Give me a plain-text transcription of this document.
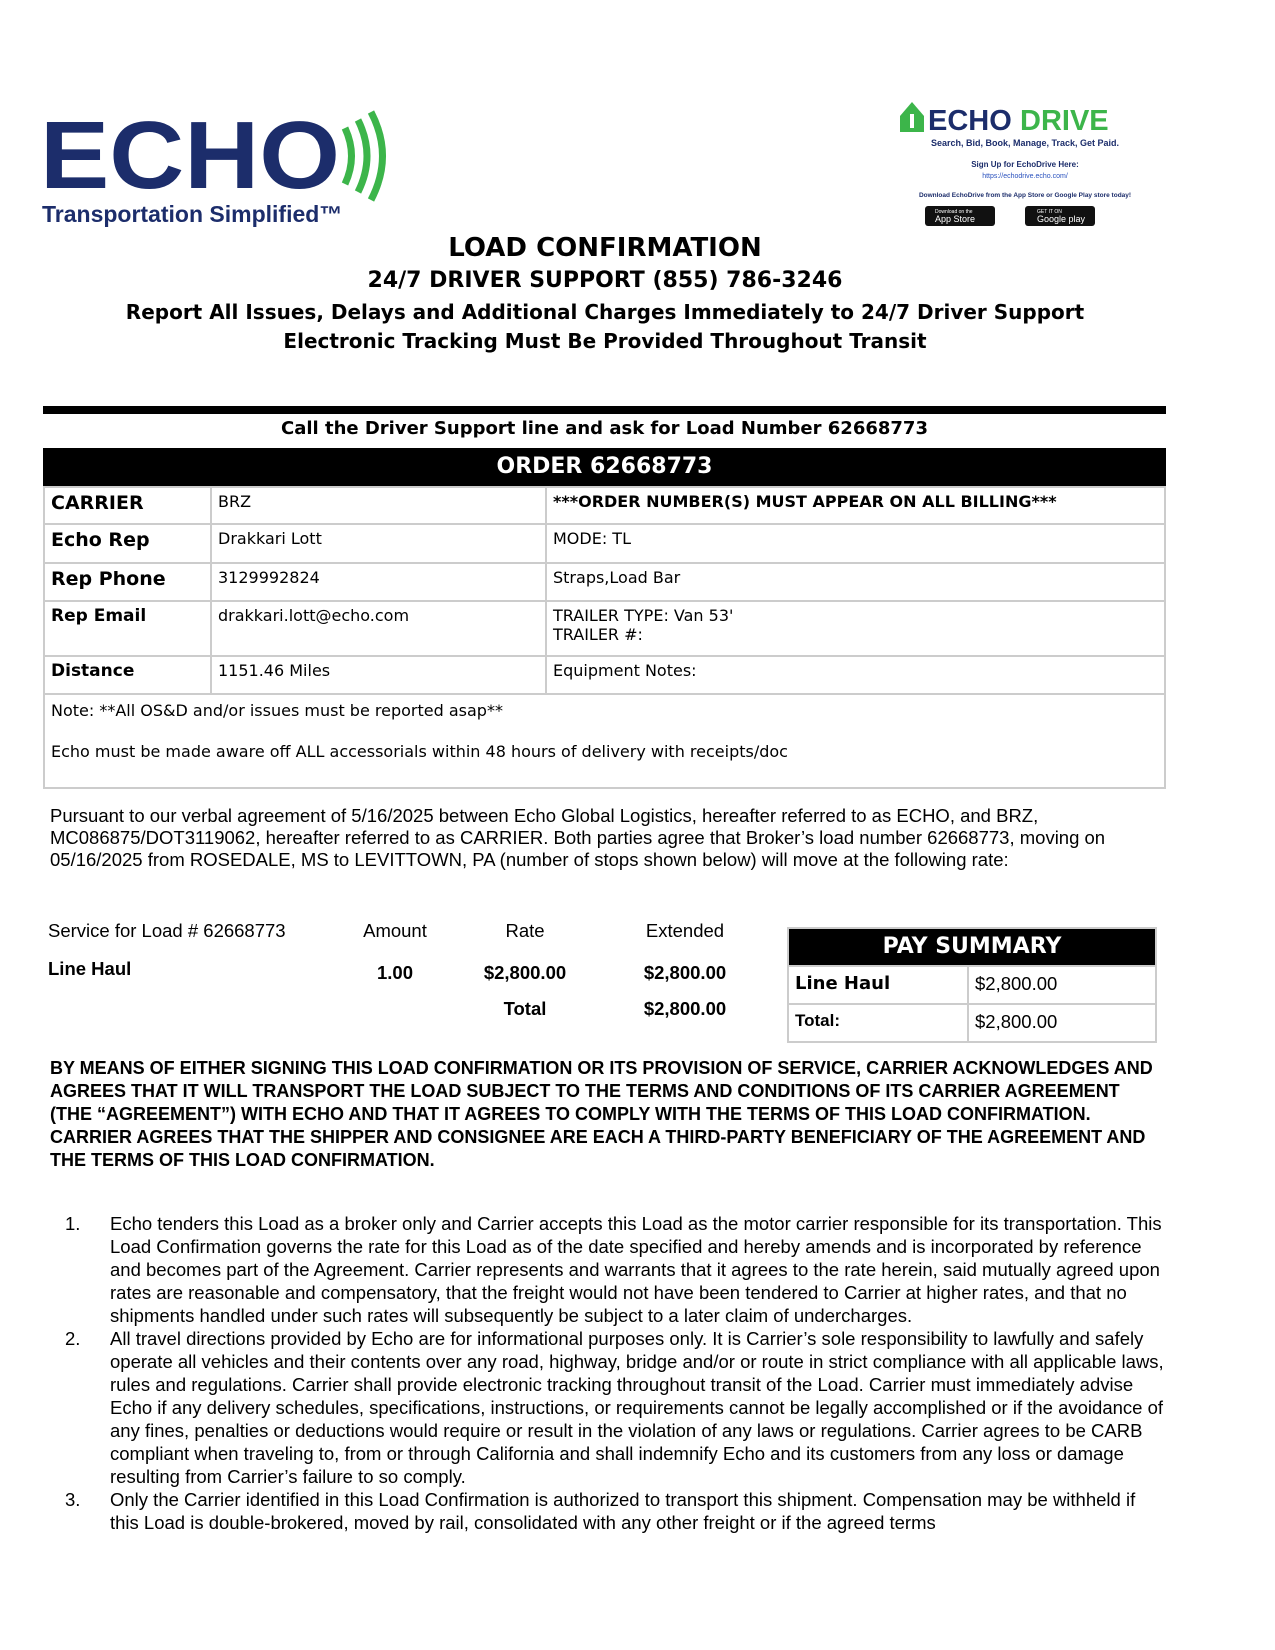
ECHO
Transportation Simplified™
ECHO DRIVE
Search, Bid, Book, Manage, Track, Get Paid.
Sign Up for EchoDrive Here:
https://echodrive.echo.com/
Download EchoDrive from the App Store or Google Play store today!
Download on the
App Store
GET IT ON
Google play
LOAD CONFIRMATION
24/7 DRIVER SUPPORT (855) 786-3246
Report All Issues, Delays and Additional Charges Immediately to 24/7 Driver Support
Electronic Tracking Must Be Provided Throughout Transit
Call the Driver Support line and ask for Load Number 62668773
ORDER 62668773
CARRIER	BRZ	***ORDER NUMBER(S) MUST APPEAR ON ALL BILLING***
Echo Rep	Drakkari Lott	MODE: TL
Rep Phone	3129992824	Straps,Load Bar
Rep Email	drakkari.lott@echo.com	TRAILER TYPE: Van 53'
TRAILER #:
Distance	1151.46 Miles	Equipment Notes:
Note: **All OS&D and/or issues must be reported asap**
Echo must be made aware off ALL accessorials within 48 hours of delivery with receipts/doc
Pursuant to our verbal agreement of 5/16/2025 between Echo Global Logistics, hereafter referred to as ECHO, and BRZ, MC086875/DOT3119062, hereafter referred to as CARRIER. Both parties agree that Broker’s load number 62668773, moving on 05/16/2025 from ROSEDALE, MS to LEVITTOWN, PA (number of stops shown below) will move at the following rate:
Service for Load # 62668773	Amount	Rate	Extended
Line Haul	1.00	$2,800.00	$2,800.00
Total	$2,800.00
PAY SUMMARY
Line Haul	$2,800.00
Total:	$2,800.00
BY MEANS OF EITHER SIGNING THIS LOAD CONFIRMATION OR ITS PROVISION OF SERVICE, CARRIER ACKNOWLEDGES AND AGREES THAT IT WILL TRANSPORT THE LOAD SUBJECT TO THE TERMS AND CONDITIONS OF ITS CARRIER AGREEMENT (THE “AGREEMENT”) WITH ECHO AND THAT IT AGREES TO COMPLY WITH THE TERMS OF THIS LOAD CONFIRMATION. CARRIER AGREES THAT THE SHIPPER AND CONSIGNEE ARE EACH A THIRD-PARTY BENEFICIARY OF THE AGREEMENT AND THE TERMS OF THIS LOAD CONFIRMATION.
1.	Echo tenders this Load as a broker only and Carrier accepts this Load as the motor carrier responsible for its transportation. This Load Confirmation governs the rate for this Load as of the date specified and hereby amends and is incorporated by reference and becomes part of the Agreement. Carrier represents and warrants that it agrees to the rate herein, said mutually agreed upon rates are reasonable and compensatory, that the freight would not have been tendered to Carrier at higher rates, and that no shipments handled under such rates will subsequently be subject to a later claim of undercharges.
2.	All travel directions provided by Echo are for informational purposes only. It is Carrier’s sole responsibility to lawfully and safely operate all vehicles and their contents over any road, highway, bridge and/or or route in strict compliance with all applicable laws, rules and regulations. Carrier shall provide electronic tracking throughout transit of the Load. Carrier must immediately advise Echo if any delivery schedules, specifications, instructions, or requirements cannot be legally accomplished or if the avoidance of any fines, penalties or deductions would require or result in the violation of any laws or regulations. Carrier agrees to be CARB compliant when traveling to, from or through California and shall indemnify Echo and its customers from any loss or damage resulting from Carrier’s failure to so comply.
3.	Only the Carrier identified in this Load Confirmation is authorized to transport this shipment. Compensation may be withheld if this Load is double-brokered, moved by rail, consolidated with any other freight or if the agreed terms
